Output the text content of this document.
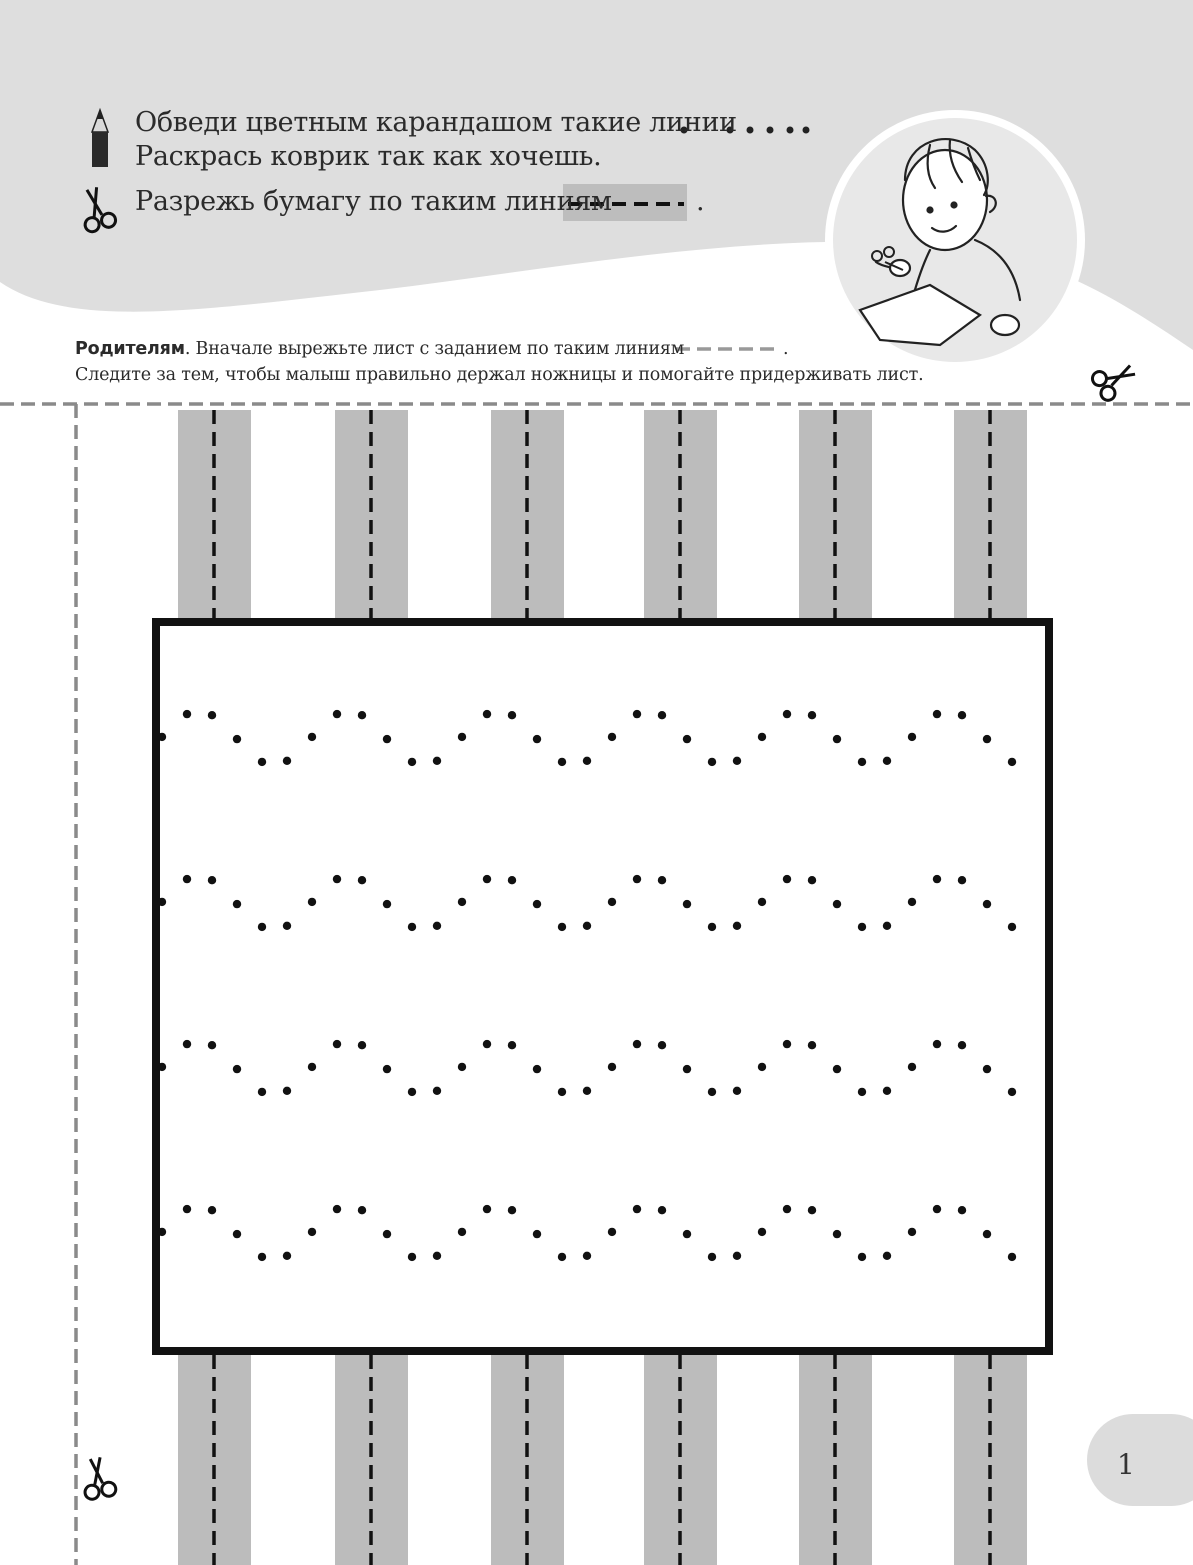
Обведи цветным карандашом такие линии
Раскрась коврик так как хочешь.
Разрежь бумагу по таким линиям	.
Родителям. Вначале вырежьте лист с заданием по таким линиям	.
Следите за тем, чтобы малыш правильно держал ножницы и помогайте придерживать лист.
1
